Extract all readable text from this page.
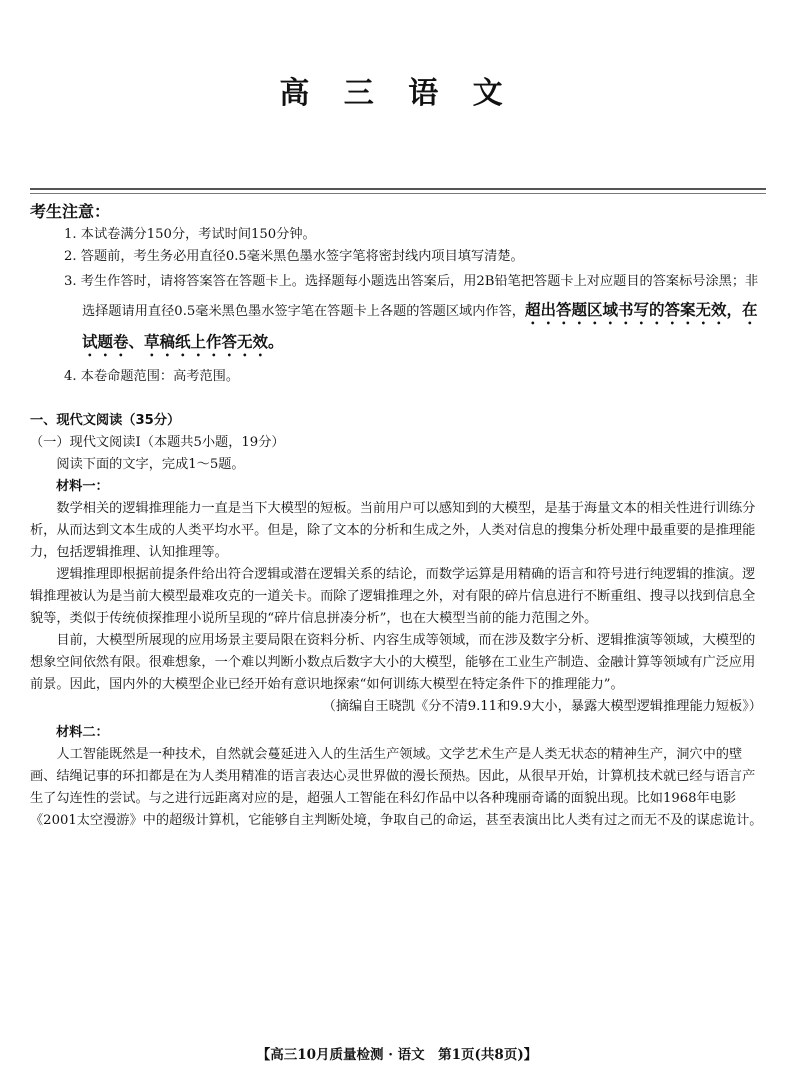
高 三 语 文
考生注意：
1. 本试卷满分150分，考试时间150分钟。
2. 答题前，考生务必用直径0.5毫米黑色墨水签字笔将密封线内项目填写清楚。
3. 考生作答时，请将答案答在答题卡上。选择题每小题选出答案后，用2B铅笔把答题卡上对应题目的答案标号涂黑；非选择题请用直径0.5毫米黑色墨水签字笔在答题卡上各题的答题区域内作答，超出答题区域书写的答案无效，在试题卷、草稿纸上作答无效。
4. 本卷命题范围：高考范围。
一、现代文阅读（35分）
（一）现代文阅读Ⅰ（本题共5小题，19分）
阅读下面的文字，完成1～5题。
材料一：
数学相关的逻辑推理能力一直是当下大模型的短板。当前用户可以感知到的大模型，是基于海量文本的相关性进行训练分析，从而达到文本生成的人类平均水平。但是，除了文本的分析和生成之外，人类对信息的搜集分析处理中最重要的是推理能力，包括逻辑推理、认知推理等。
逻辑推理即根据前提条件给出符合逻辑或潜在逻辑关系的结论，而数学运算是用精确的语言和符号进行纯逻辑的推演。逻辑推理被认为是当前大模型最难攻克的一道关卡。而除了逻辑推理之外，对有限的碎片信息进行不断重组、搜寻以找到信息全貌等，类似于传统侦探推理小说所呈现的“碎片信息拼凑分析”，也在大模型当前的能力范围之外。
目前，大模型所展现的应用场景主要局限在资料分析、内容生成等领域，而在涉及数字分析、逻辑推演等领域，大模型的想象空间依然有限。很难想象，一个难以判断小数点后数字大小的大模型，能够在工业生产制造、金融计算等领域有广泛应用前景。因此，国内外的大模型企业已经开始有意识地探索“如何训练大模型在特定条件下的推理能力”。
（摘编自王晓凯《分不清9.11和9.9大小，暴露大模型逻辑推理能力短板》）
材料二：
人工智能既然是一种技术，自然就会蔓延进入人的生活生产领域。文学艺术生产是人类无状态的精神生产，洞穴中的壁画、结绳记事的环扣都是在为人类用精准的语言表达心灵世界做的漫长预热。因此，从很早开始，计算机技术就已经与语言产生了勾连性的尝试。与之进行远距离对应的是，超强人工智能在科幻作品中以各种瑰丽奇谲的面貌出现。比如1968年电影《2001太空漫游》中的超级计算机，它能够自主判断处境，争取自己的命运，甚至表演出比人类有过之而无不及的谋虑诡计。
【高三10月质量检测 · 语文　第1页(共8页)】
